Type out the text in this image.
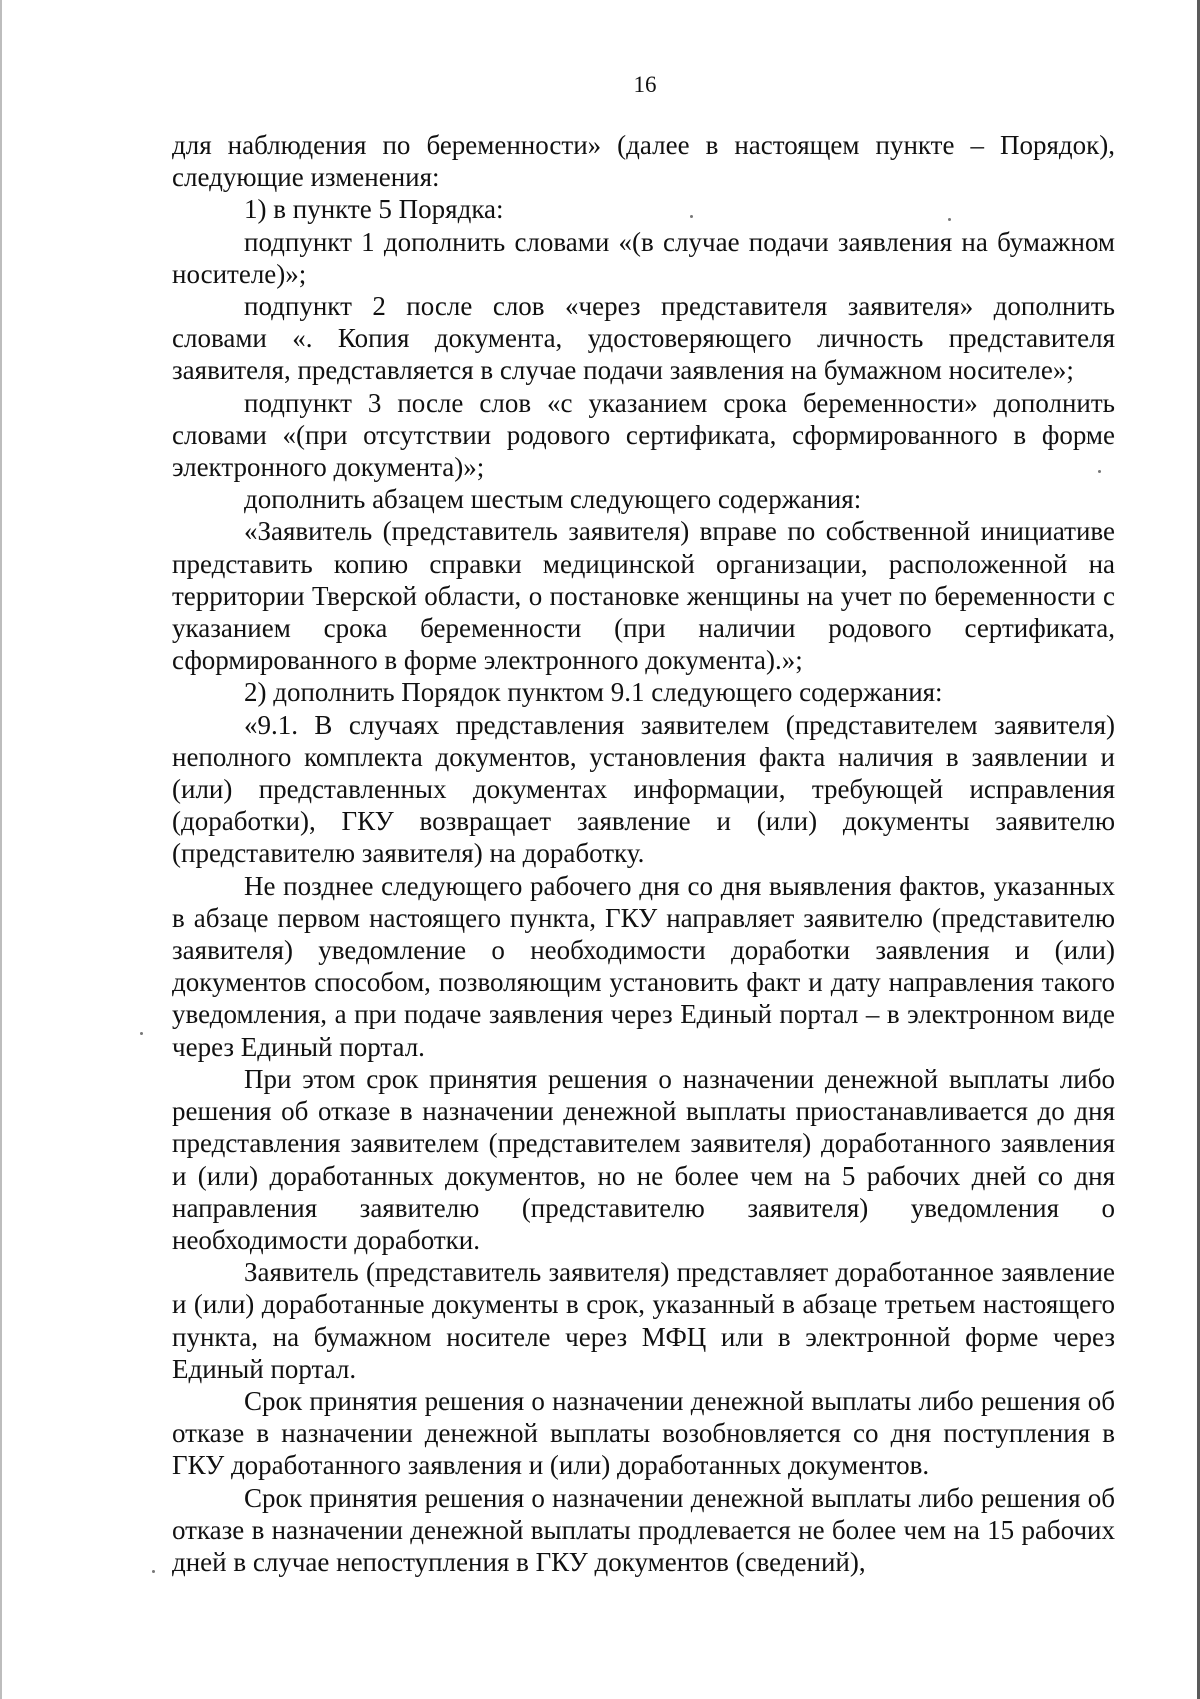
16

для наблюдения по беременности» (далее в настоящем пункте – Порядок), следующие изменения:

1) в пункте 5 Порядка:

подпункт 1 дополнить словами «(в случае подачи заявления на бумажном носителе)»;

подпункт 2 после слов «через представителя заявителя» дополнить словами «. Копия документа, удостоверяющего личность представителя заявителя, представляется в случае подачи заявления на бумажном носителе»;

подпункт 3 после слов «с указанием срока беременности» дополнить словами «(при отсутствии родового сертификата, сформированного в форме электронного документа)»;

дополнить абзацем шестым следующего содержания:

«Заявитель (представитель заявителя) вправе по собственной инициативе представить копию справки медицинской организации, расположенной на территории Тверской области, о постановке женщины на учет по беременности с указанием срока беременности (при наличии родового сертификата, сформированного в форме электронного документа).»;

2) дополнить Порядок пунктом 9.1 следующего содержания:

«9.1. В случаях представления заявителем (представителем заявителя) неполного комплекта документов, установления факта наличия в заявлении и (или) представленных документах информации, требующей исправления (доработки), ГКУ возвращает заявление и (или) документы заявителю (представителю заявителя) на доработку.

Не позднее следующего рабочего дня со дня выявления фактов, указанных в абзаце первом настоящего пункта, ГКУ направляет заявителю (представителю заявителя) уведомление о необходимости доработки заявления и (или) документов способом, позволяющим установить факт и дату направления такого уведомления, а при подаче заявления через Единый портал – в электронном виде через Единый портал.

При этом срок принятия решения о назначении денежной выплаты либо решения об отказе в назначении денежной выплаты приостанавливается до дня представления заявителем (представителем заявителя) доработанного заявления и (или) доработанных документов, но не более чем на 5 рабочих дней со дня направления заявителю (представителю заявителя) уведомления о необходимости доработки.

Заявитель (представитель заявителя) представляет доработанное заявление и (или) доработанные документы в срок, указанный в абзаце третьем настоящего пункта, на бумажном носителе через МФЦ или в электронной форме через Единый портал.

Срок принятия решения о назначении денежной выплаты либо решения об отказе в назначении денежной выплаты возобновляется со дня поступления в ГКУ доработанного заявления и (или) доработанных документов.

Срок принятия решения о назначении денежной выплаты либо решения об отказе в назначении денежной выплаты продлевается не более чем на 15 рабочих дней в случае непоступления в ГКУ документов (сведений),
